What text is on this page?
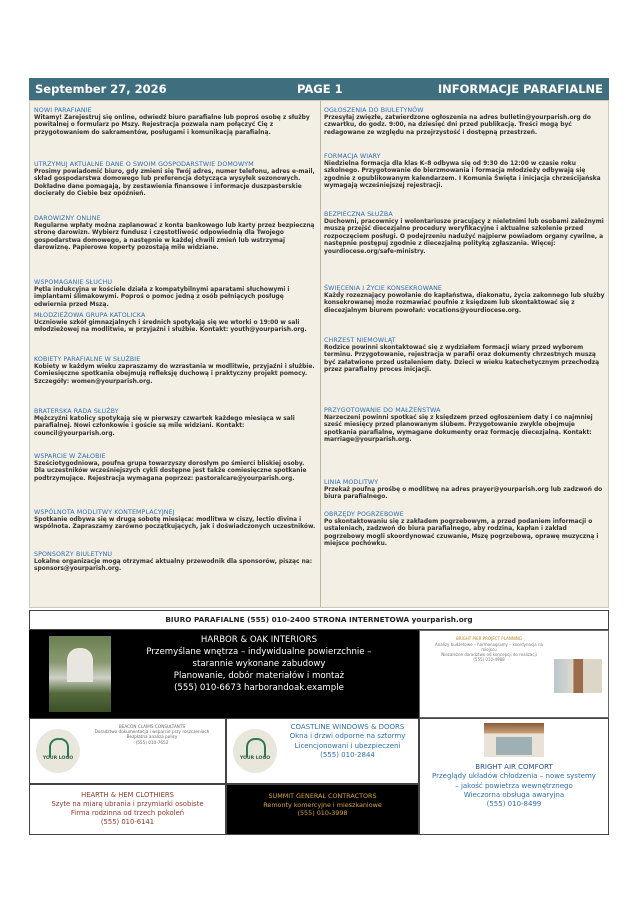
September 27, 2026	PAGE 1	INFORMACJE PARAFIALNE
NOWI PARAFIANIE

Witamy! Zarejestruj się online, odwiedź biuro parafialne lub poproś osobę z służby powitalnej o formularz po Mszy. Rejestracja pozwala nam połączyć Cię z przygotowaniem do sakramentów, posługami i komunikacją parafialną.

UTRZYMUJ AKTUALNE DANE O SWOIM GOSPODARSTWIE DOMOWYM

Prosimy powiadomić biuro, gdy zmieni się Twój adres, numer telefonu, adres e-mail, skład gospodarstwa domowego lub preferencja dotycząca wysyłek sezonowych. Dokładne dane pomagają, by zestawienia finansowe i informacje duszpasterskie docierały do Ciebie bez opóźnień.

DAROWIZNY ONLINE

Regularne wpłaty można zaplanować z konta bankowego lub karty przez bezpieczną stronę darowizn. Wybierz fundusz i częstotliwość odpowiednią dla Twojego gospodarstwa domowego, a następnie w każdej chwili zmień lub wstrzymaj darowiznę. Papierowe koperty pozostają mile widziane.

WSPOMAGANIE SŁUCHU

Pętla indukcyjna w kościele działa z kompatybilnymi aparatami słuchowymi i implantami ślimakowymi. Poproś o pomoc jedną z osób pełniących posługę odwiernia przed Mszą.

MŁODZIEŻOWA GRUPA KATOLICKA

Uczniowie szkół gimnazjalnych i średnich spotykają się we wtorki o 19:00 w sali młodzieżowej na modlitwie, w przyjaźni i służbie. Kontakt: youth@yourparish.org.

KOBIETY PARAFIALNE W SŁUŻBIE

Kobiety w każdym wieku zapraszamy do wzrastania w modlitwie, przyjaźni i służbie. Comiesięczne spotkania obejmują refleksję duchową i praktyczny projekt pomocy. Szczegóły: women@yourparish.org.

BRATERSKA RADA SŁUŻBY

Mężczyźni katolicy spotykają się w pierwszy czwartek każdego miesiąca w sali parafialnej. Nowi członkowie i goście są mile widziani. Kontakt: council@yourparish.org.

WSPARCIE W ŻAŁOBIE

Sześciotygodniowa, poufna grupa towarzyszy dorosłym po śmierci bliskiej osoby. Dla uczestników wcześniejszych cykli dostępne jest także comiesięczne spotkanie podtrzymujące. Rejestracja wymagana poprzez: pastoralcare@yourparish.org.

WSPÓLNOTA MODLITWY KONTEMPLACYJNEJ

Spotkanie odbywa się w drugą sobotę miesiąca: modlitwa w ciszy, lectio divina i wspólnota. Zapraszamy zarówno początkujących, jak i doświadczonych uczestników.

SPONSORZY BIULETYNU

Lokalne organizacje mogą otrzymać aktualny przewodnik dla sponsorów, pisząc na: sponsors@yourparish.org.

OGŁOSZENIA DO BIULETYNÓW

Przesyłaj zwięzłe, zatwierdzone ogłoszenia na adres bulletin@yourparish.org do czwartku, do godz. 9:00, na dziesięć dni przed publikacją. Treści mogą być redagowane ze względu na przejrzystość i dostępną przestrzeń.

FORMACJA WIARY

Niedzielna formacja dla klas K–8 odbywa się od 9:30 do 12:00 w czasie roku szkolnego. Przygotowanie do bierzmowania i formacja młodzieży odbywają się zgodnie z opublikowanym kalendarzem. I Komunia Święta i inicjacja chrześcijańska wymagają wcześniejszej rejestracji.

BEZPIECZNA SŁUŻBA

Duchowni, pracownicy i wolontariusze pracujący z nieletnimi lub osobami zależnymi muszą przejść diecezjalne procedury weryfikacyjne i aktualne szkolenie przed rozpoczęciem posługi. O podejrzeniu nadużyć najpierw powiadom organy cywilne, a następnie postępuj zgodnie z diecezjalną polityką zgłaszania. Więcej: yourdiocese.org/safe-ministry.

ŚWIĘCENIA I ŻYCIE KONSEKROWANE

Każdy rozeznający powołanie do kapłaństwa, diakonatu, życia zakonnego lub służby konsekrowanej może rozmawiać poufnie z księdzem lub skontaktować się z diecezjalnym biurem powołań: vocations@yourdiocese.org.

CHRZEST NIEMOWLĄT

Rodzice powinni skontaktować się z wydziałem formacji wiary przed wyborem terminu. Przygotowanie, rejestracja w parafii oraz dokumenty chrzestnych muszą być załatwione przed ustaleniem daty. Dzieci w wieku katechetycznym przechodzą przez parafialny proces inicjacji.

PRZYGOTOWANIE DO MAŁŻEŃSTWA

Narzeczeni powinni spotkać się z księdzem przed ogłoszeniem daty i co najmniej sześć miesięcy przed planowanym ślubem. Przygotowanie zwykle obejmuje spotkania parafialne, wymagane dokumenty oraz formację diecezjalną. Kontakt: marriage@yourparish.org.

LINIA MODLITWY

Przekaż poufną prośbę o modlitwę na adres prayer@yourparish.org lub zadzwoń do biura parafialnego.

OBRZĘDY POGRZEBOWE

Po skontaktowaniu się z zakładem pogrzebowym, a przed podaniem informacji o ustaleniach, zadzwoń do biura parafialnego, aby rodzina, kapłan i zakład pogrzebowy mogli skoordynować czuwanie, Mszę pogrzebową, oprawę muzyczną i miejsce pochówku.

BIURO PARAFIALNE (555) 010-2400 STRONA INTERNETOWA yourparish.org
HARBOR & OAK INTERIORS
Przemyślane wnętrza – indywidualne powierzchnie –
starannie wykonane zabudowy
Planowanie, dobór materiałów i montaż
(555) 010-6673 harborandoak.example
BRIGHT PIER PROJECT PLANNING
Analizy budżetowe – harmonogramy – koordynacja na
miejscu
Niezależne doradztwo od koncepcji do realizacji
(555) 010-4988
YOUR LOGO
BEACON CLAIMS CONSULTANTS
Doradztwo dokumentacja i wsparcie przy roszczeniach
Bezpłatna analiza polisy
(555) 010-7652
YOUR LOGO
COASTLINE WINDOWS & DOORS
Okna i drzwi odporne na sztormy
Licencjonowani i ubezpieczeni
(555) 010-2844
BRIGHT AIR COMFORT
Przeglądy układów chłodzenia – nowe systemy
– jakość powietrza wewnętrznego
Wieczorna obsługa awaryjna
(555) 010-8499
HEARTH & HEM CLOTHIERS
Szyte na miarę ubrania i przymiarki osobiste
Firma rodzinna od trzech pokoleń
(555) 010-6141
SUMMIT GENERAL CONTRACTORS
Remonty komercyjne i mieszkaniowe
(555) 010-3998
